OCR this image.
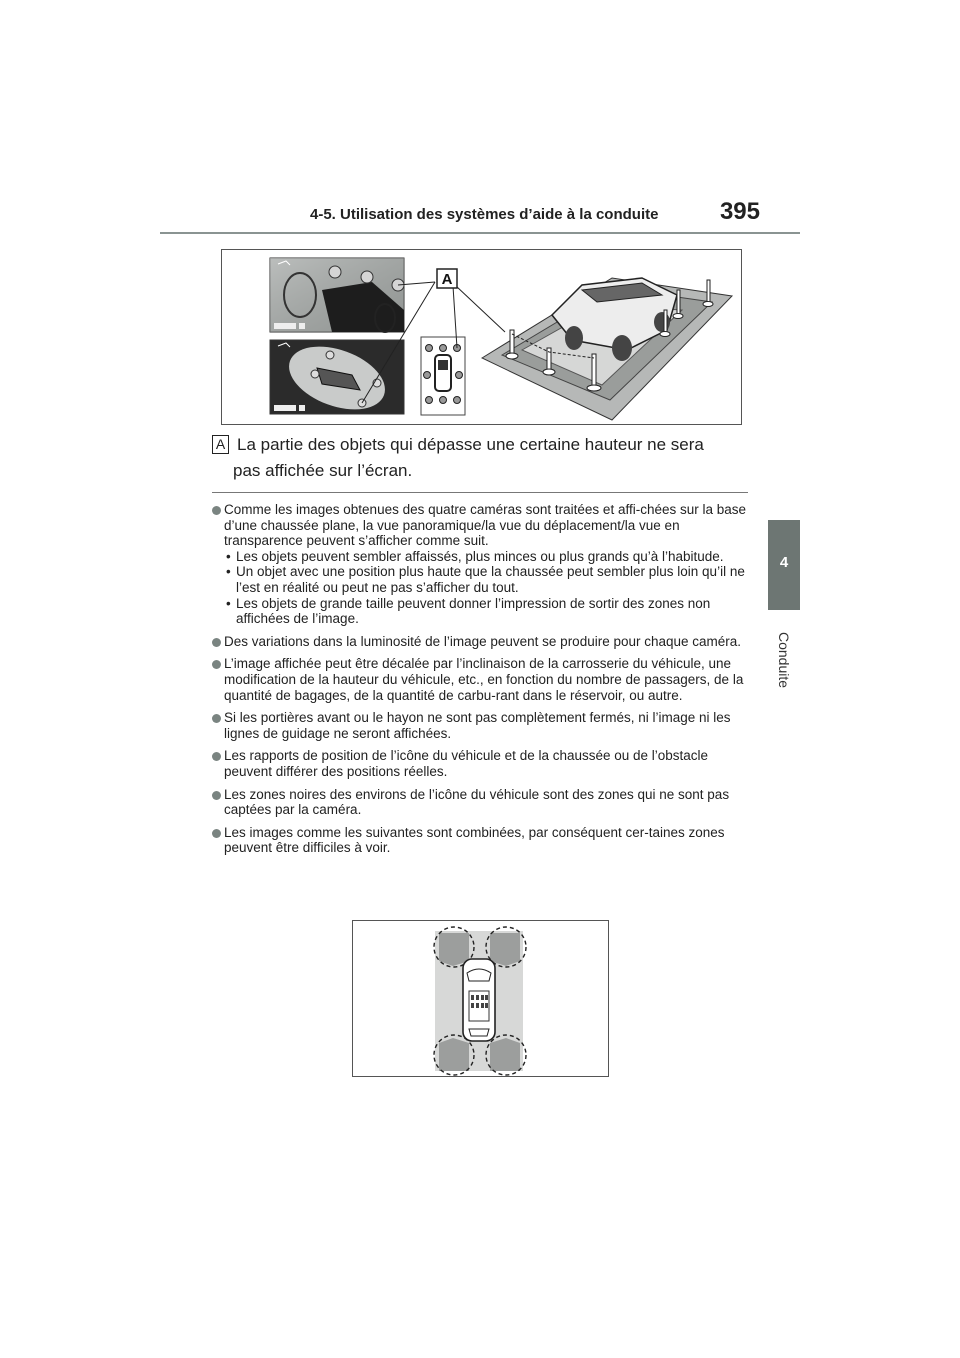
4-5. Utilisation des systèmes d’aide à la conduite	395
4
Conduite
A
A La partie des objets qui dépasse une certaine hauteur ne sera
pas affichée sur l’écran.
Comme les images obtenues des quatre caméras sont traitées et affi-chées sur la base d’une chaussée plane, la vue panoramique/la vue du déplacement/la vue en transparence peuvent s’afficher comme suit.
• Les objets peuvent sembler affaissés, plus minces ou plus grands qu’à l’habitude.
• Un objet avec une position plus haute que la chaussée peut sembler plus loin qu’il ne l’est en réalité ou peut ne pas s’afficher du tout.
• Les objets de grande taille peuvent donner l’impression de sortir des zones non affichées de l’image.
Des variations dans la luminosité de l’image peuvent se produire pour chaque caméra.
L’image affichée peut être décalée par l’inclinaison de la carrosserie du véhicule, une modification de la hauteur du véhicule, etc., en fonction du nombre de passagers, de la quantité de bagages, de la quantité de carbu-rant dans le réservoir, ou autre.
Si les portières avant ou le hayon ne sont pas complètement fermés, ni l’image ni les lignes de guidage ne seront affichées.
Les rapports de position de l’icône du véhicule et de la chaussée ou de l’obstacle peuvent différer des positions réelles.
Les zones noires des environs de l’icône du véhicule sont des zones qui ne sont pas captées par la caméra.
Les images comme les suivantes sont combinées, par conséquent cer-taines zones peuvent être difficiles à voir.
